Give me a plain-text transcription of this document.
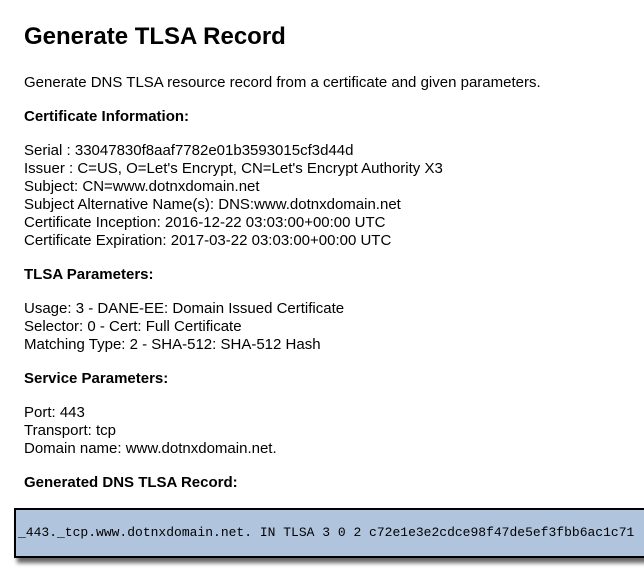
Generate TLSA Record

Generate DNS TLSA resource record from a certificate and given parameters.

Certificate Information:
Serial : 33047830f8aaf7782e01b3593015cf3d44d
Issuer : C=US, O=Let's Encrypt, CN=Let's Encrypt Authority X3
Subject: CN=www.dotnxdomain.net
Subject Alternative Name(s): DNS:www.dotnxdomain.net
Certificate Inception: 2016-12-22 03:03:00+00:00 UTC
Certificate Expiration: 2017-03-22 03:03:00+00:00 UTC
TLSA Parameters:
Usage: 3 - DANE-EE: Domain Issued Certificate
Selector: 0 - Cert: Full Certificate
Matching Type: 2 - SHA-512: SHA-512 Hash
Service Parameters:
Port: 443
Transport: tcp
Domain name: www.dotnxdomain.net.
Generated DNS TLSA Record:
_443._tcp.www.dotnxdomain.net. IN TLSA 3 0 2 c72e1e3e2cdce98f47de5ef3fbb6ac1c71
